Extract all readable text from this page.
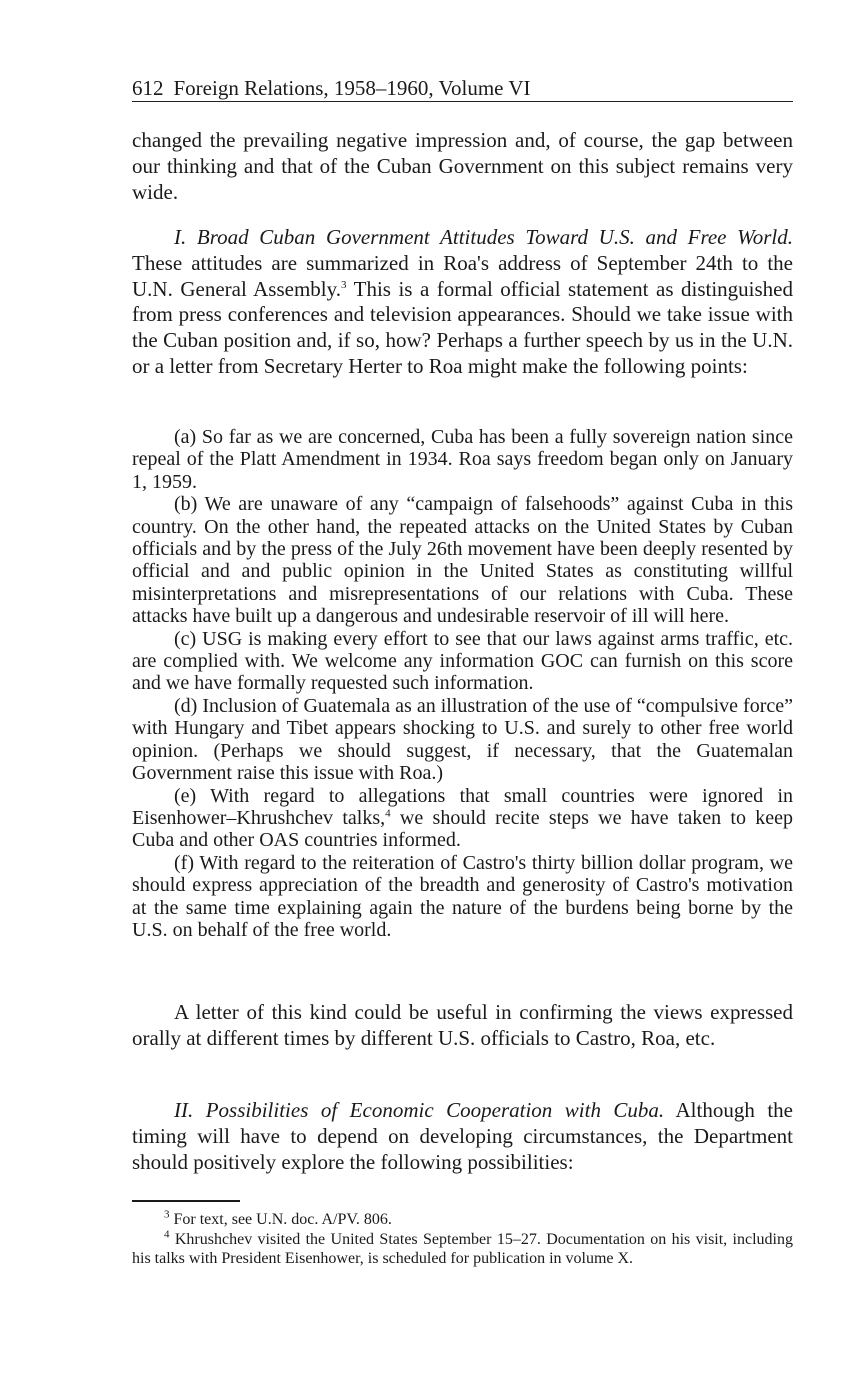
612 Foreign Relations, 1958–1960, Volume VI

changed the prevailing negative impression and, of course, the gap between our thinking and that of the Cuban Government on this subject remains very wide.

I. Broad Cuban Government Attitudes Toward U.S. and Free World. These attitudes are summarized in Roa's address of September 24th to the U.N. General Assembly.$^3$ This is a formal official statement as distinguished from press conferences and television appearances. Should we take issue with the Cuban position and, if so, how? Perhaps a further speech by us in the U.N. or a letter from Secretary Herter to Roa might make the following points:

(a) So far as we are concerned, Cuba has been a fully sovereign nation since repeal of the Platt Amendment in 1934. Roa says freedom began only on January 1, 1959.

(b) We are unaware of any “campaign of falsehoods” against Cuba in this country. On the other hand, the repeated attacks on the United States by Cuban officials and by the press of the July 26th movement have been deeply resented by official and and public opinion in the United States as constituting willful misinterpretations and misrepresentations of our relations with Cuba. These attacks have built up a dangerous and undesirable reservoir of ill will here.

(c) USG is making every effort to see that our laws against arms traffic, etc. are complied with. We welcome any information GOC can furnish on this score and we have formally requested such information.

(d) Inclusion of Guatemala as an illustration of the use of “compulsive force” with Hungary and Tibet appears shocking to U.S. and surely to other free world opinion. (Perhaps we should suggest, if necessary, that the Guatemalan Government raise this issue with Roa.)

(e) With regard to allegations that small countries were ignored in Eisenhower–Khrushchev talks,$^4$ we should recite steps we have taken to keep Cuba and other OAS countries informed.

(f) With regard to the reiteration of Castro's thirty billion dollar program, we should express appreciation of the breadth and generosity of Castro's motivation at the same time explaining again the nature of the burdens being borne by the U.S. on behalf of the free world.

A letter of this kind could be useful in confirming the views expressed orally at different times by different U.S. officials to Castro, Roa, etc.

II. Possibilities of Economic Cooperation with Cuba. Although the timing will have to depend on developing circumstances, the Department should positively explore the following possibilities:

$^3$ For text, see U.N. doc. A/PV. 806.

$^4$ Khrushchev visited the United States September 15–27. Documentation on his visit, including his talks with President Eisenhower, is scheduled for publication in volume X.
